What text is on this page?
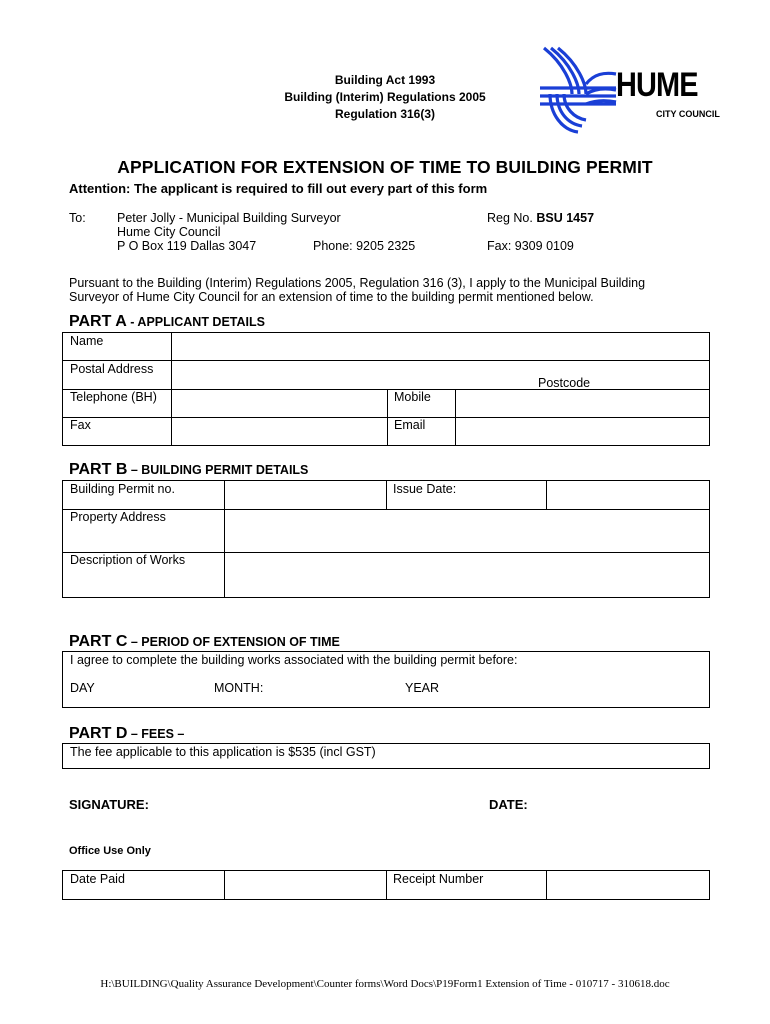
Building Act 1993
Building (Interim) Regulations 2005
Regulation 316(3)
HUME
CITY COUNCIL
APPLICATION FOR EXTENSION OF TIME TO BUILDING PERMIT
Attention: The applicant is required to fill out every part of this form
To:	Peter Jolly - Municipal Building Surveyor
Hume City Council
P O Box 119 Dallas 3047
Reg No. BSU 1457
Phone: 9205 2325	Fax: 9309 0109
Pursuant to the Building (Interim) Regulations 2005, Regulation 316 (3), I apply to the Municipal Building
Surveyor of Hume City Council for an extension of time to the building permit mentioned below.
PART A - APPLICANT DETAILS
Name
Postal Address
Postcode
Telephone (BH)	Mobile
Fax	Email
PART B – BUILDING PERMIT DETAILS
Building Permit no.	Issue Date:
Property Address
Description of Works
PART C – PERIOD OF EXTENSION OF TIME
I agree to complete the building works associated with the building permit before:
DAY	MONTH:	YEAR
PART D – FEES –
The fee applicable to this application is $535 (incl GST)
SIGNATURE:	DATE:
Office Use Only
Date Paid	Receipt Number
H:\BUILDING\Quality Assurance Development\Counter forms\Word Docs\P19Form1 Extension of Time - 010717 - 310618.doc
